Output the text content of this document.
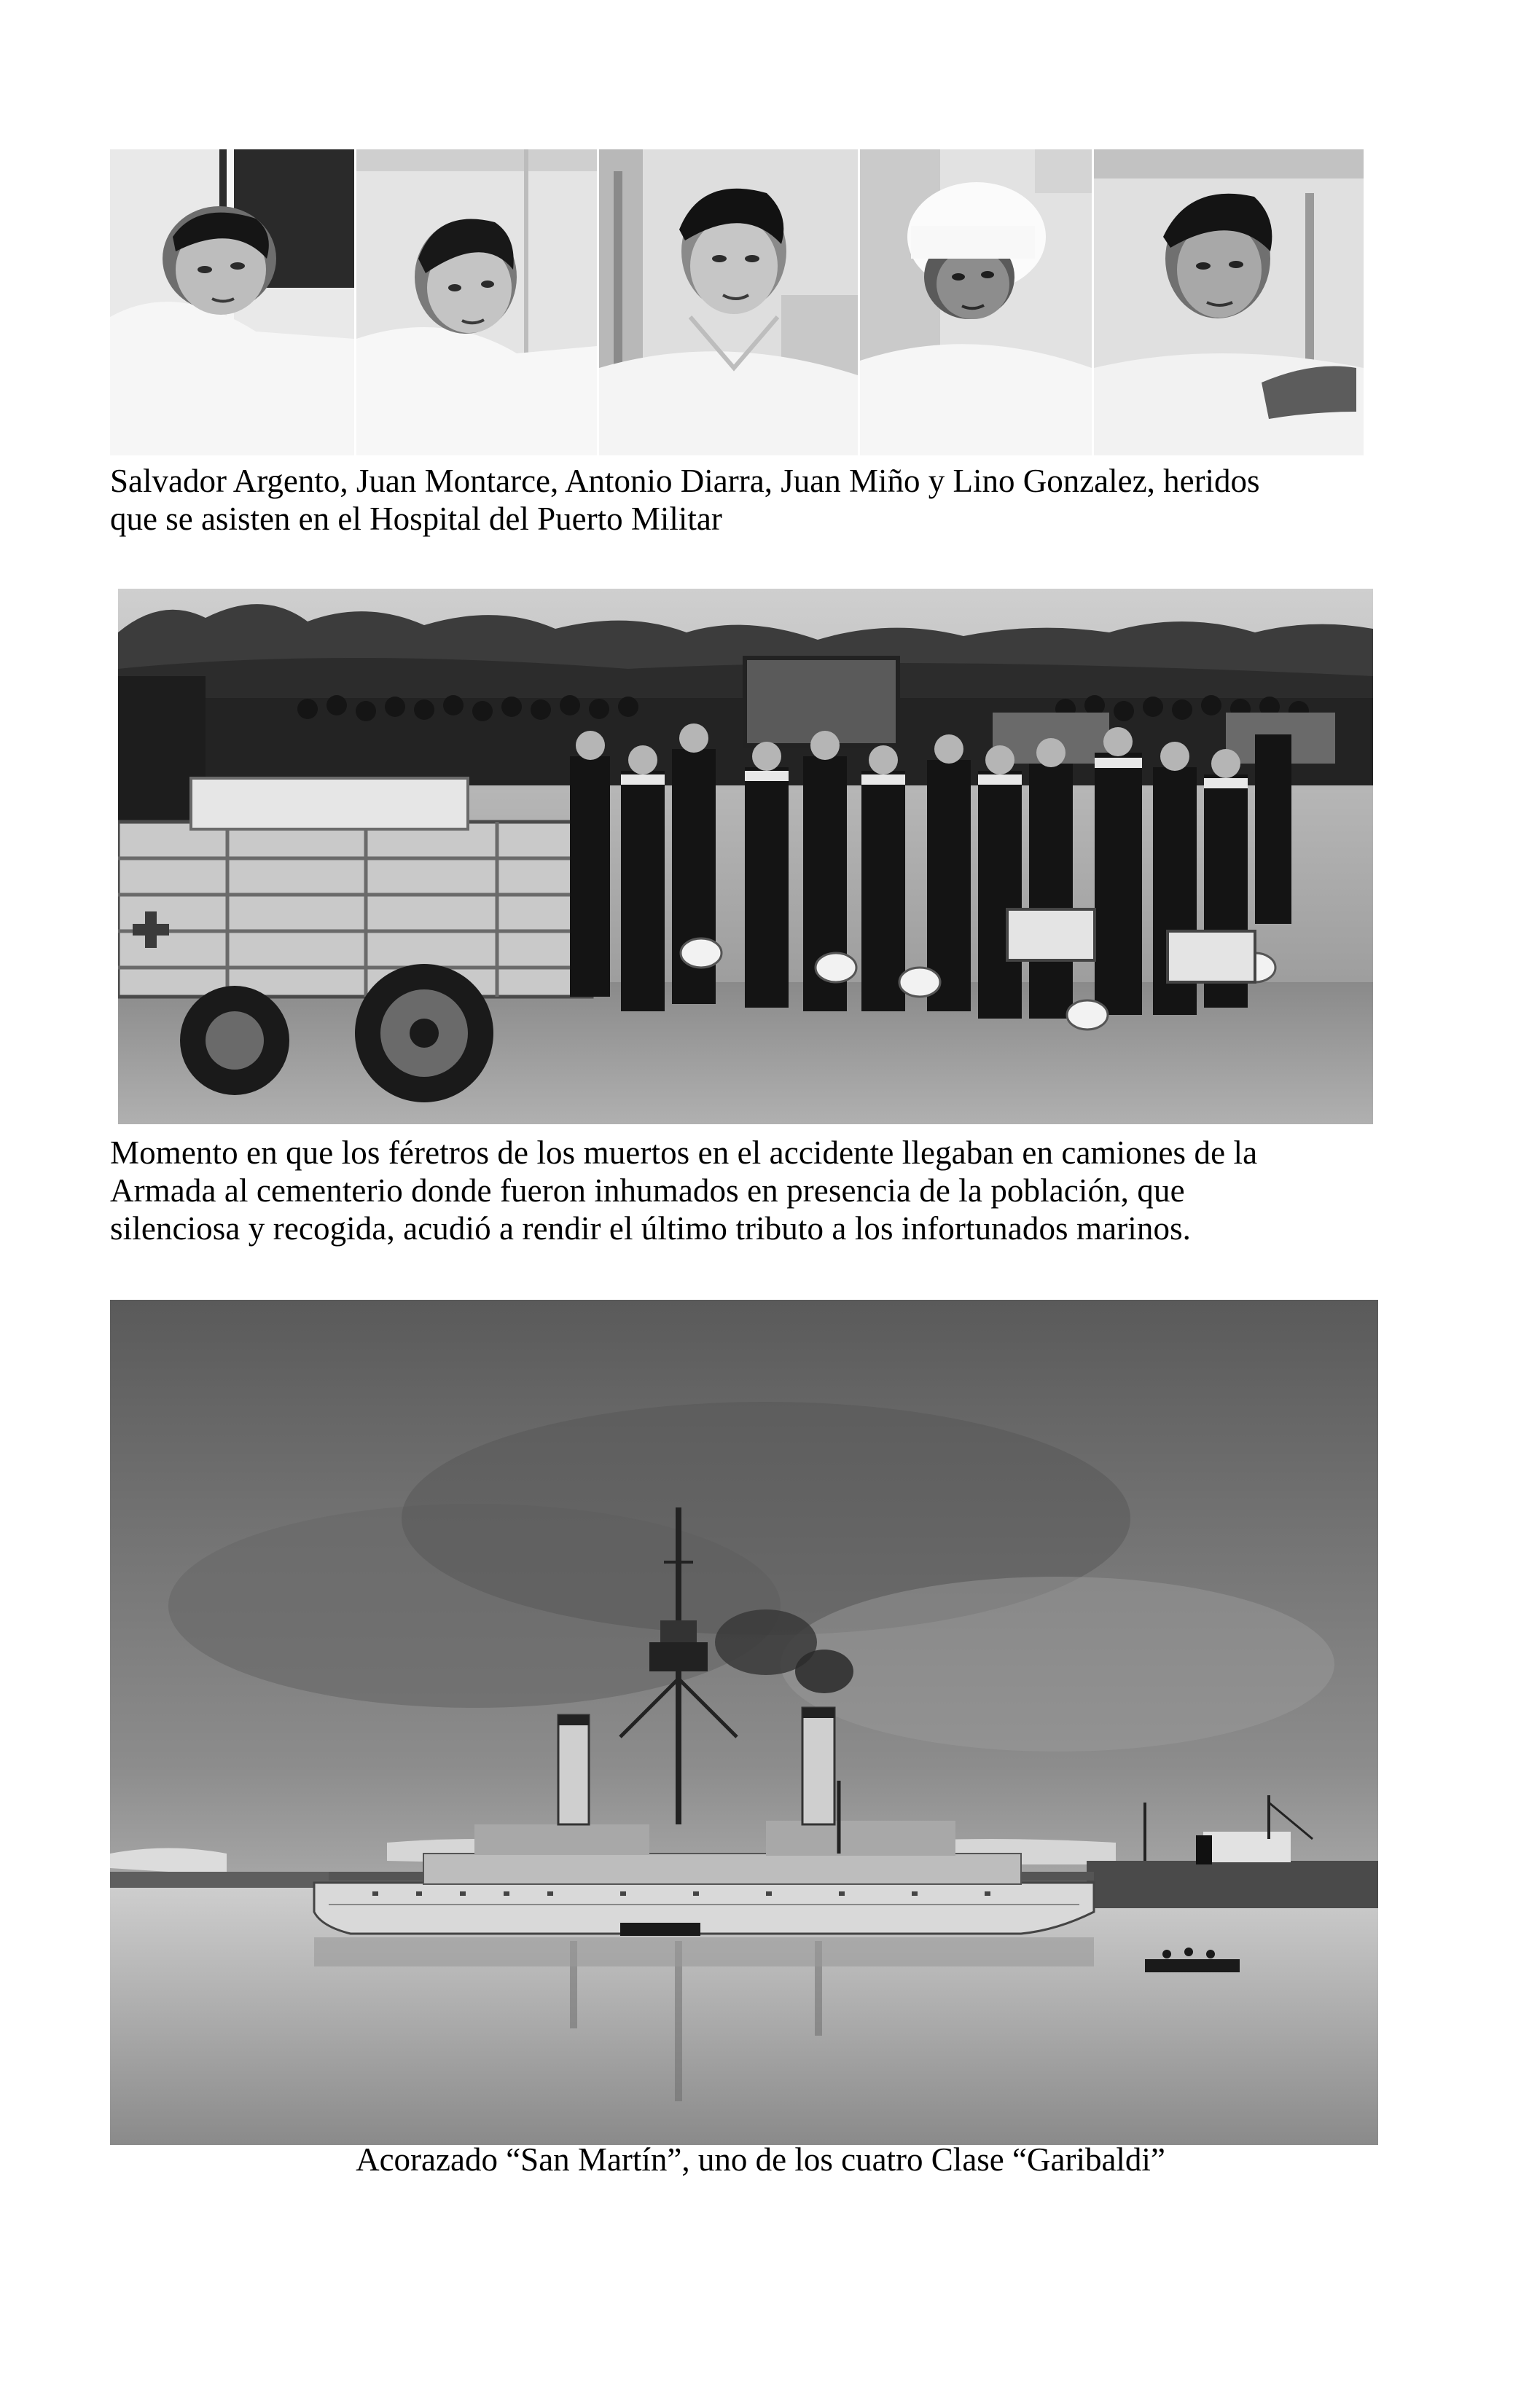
Salvador Argento, Juan Montarce, Antonio Diarra, Juan Miño y Lino Gonzalez, heridos
que se asisten en el Hospital del Puerto Militar
Momento en que los féretros de los muertos en el accidente llegaban en camiones de la
Armada al cementerio donde fueron inhumados en presencia de la población, que
silenciosa y recogida, acudió a rendir el último tributo a los infortunados marinos.
Acorazado “San Martín”, uno de los cuatro Clase “Garibaldi”
